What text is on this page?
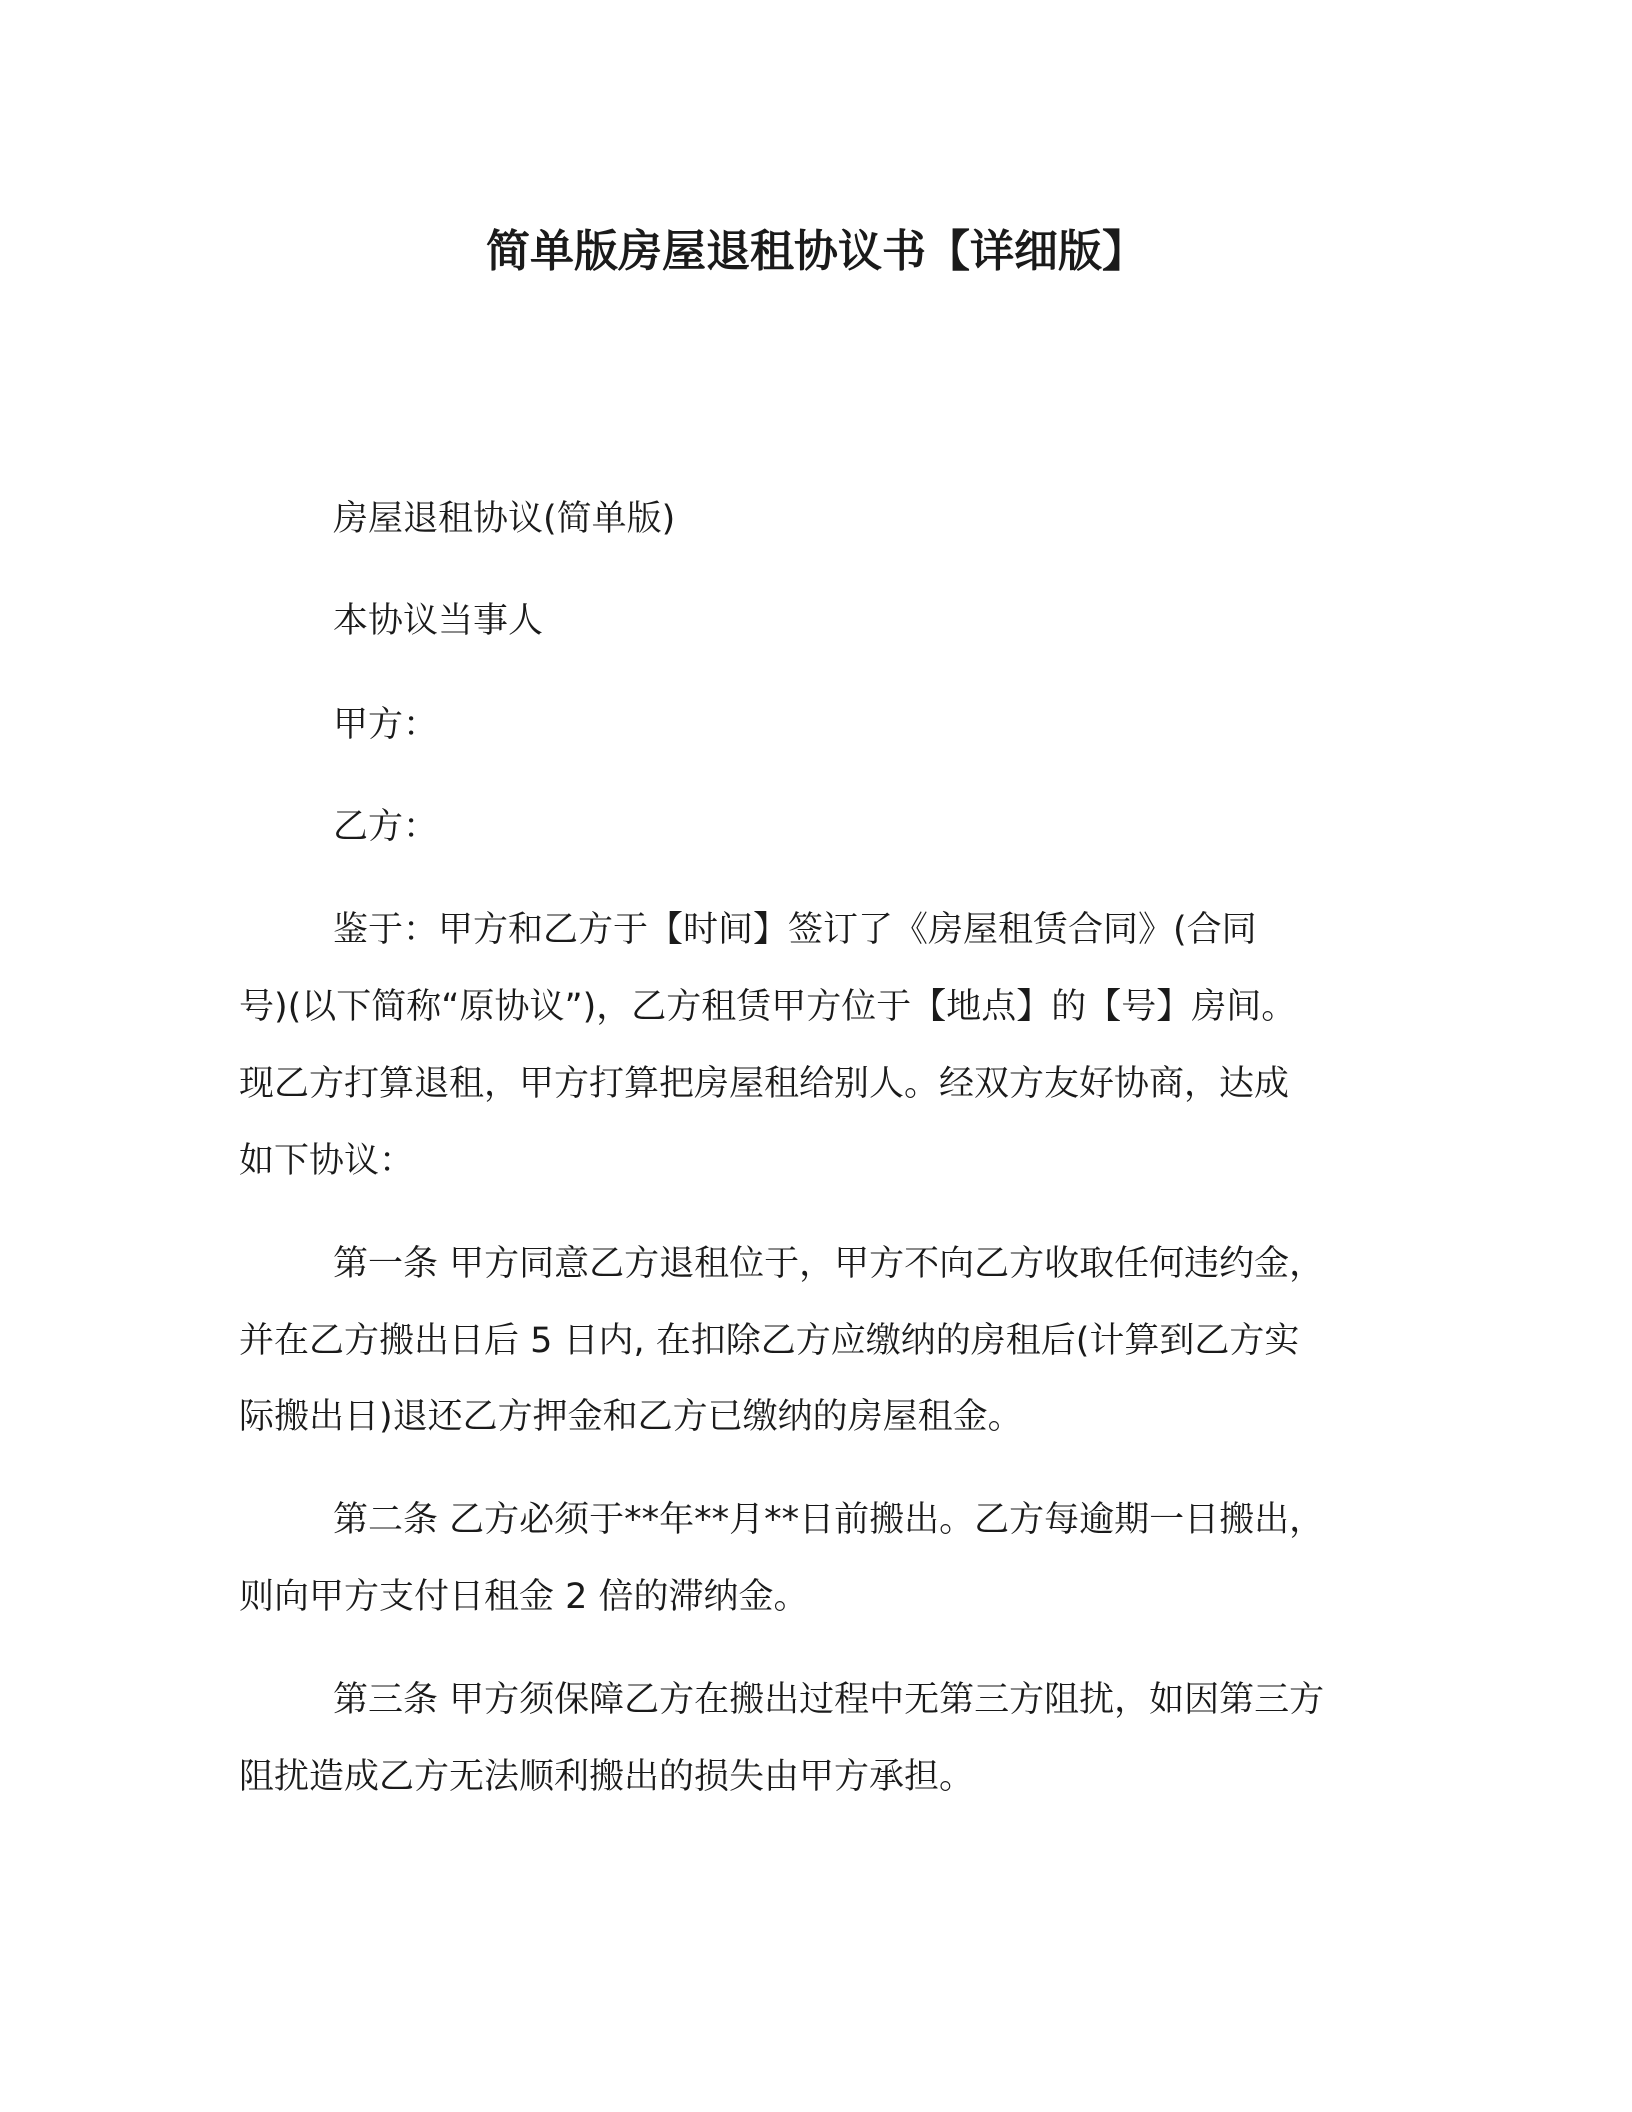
简单版房屋退租协议书【详细版】
房屋退租协议(简单版)
本协议当事人
甲方：
乙方：
鉴于：甲方和乙方于【时间】签订了《房屋租赁合同》(合同
号)(以下简称“原协议”)，乙方租赁甲方位于【地点】的【号】房间。
现乙方打算退租，甲方打算把房屋租给别人。经双方友好协商，达成
如下协议：
第一条 甲方同意乙方退租位于，甲方不向乙方收取任何违约金，
并在乙方搬出日后 5 日内, 在扣除乙方应缴纳的房租后(计算到乙方实
际搬出日)退还乙方押金和乙方已缴纳的房屋租金。
第二条 乙方必须于**年**月**日前搬出。乙方每逾期一日搬出，
则向甲方支付日租金 2 倍的滞纳金。
第三条 甲方须保障乙方在搬出过程中无第三方阻扰，如因第三方
阻扰造成乙方无法顺利搬出的损失由甲方承担。
